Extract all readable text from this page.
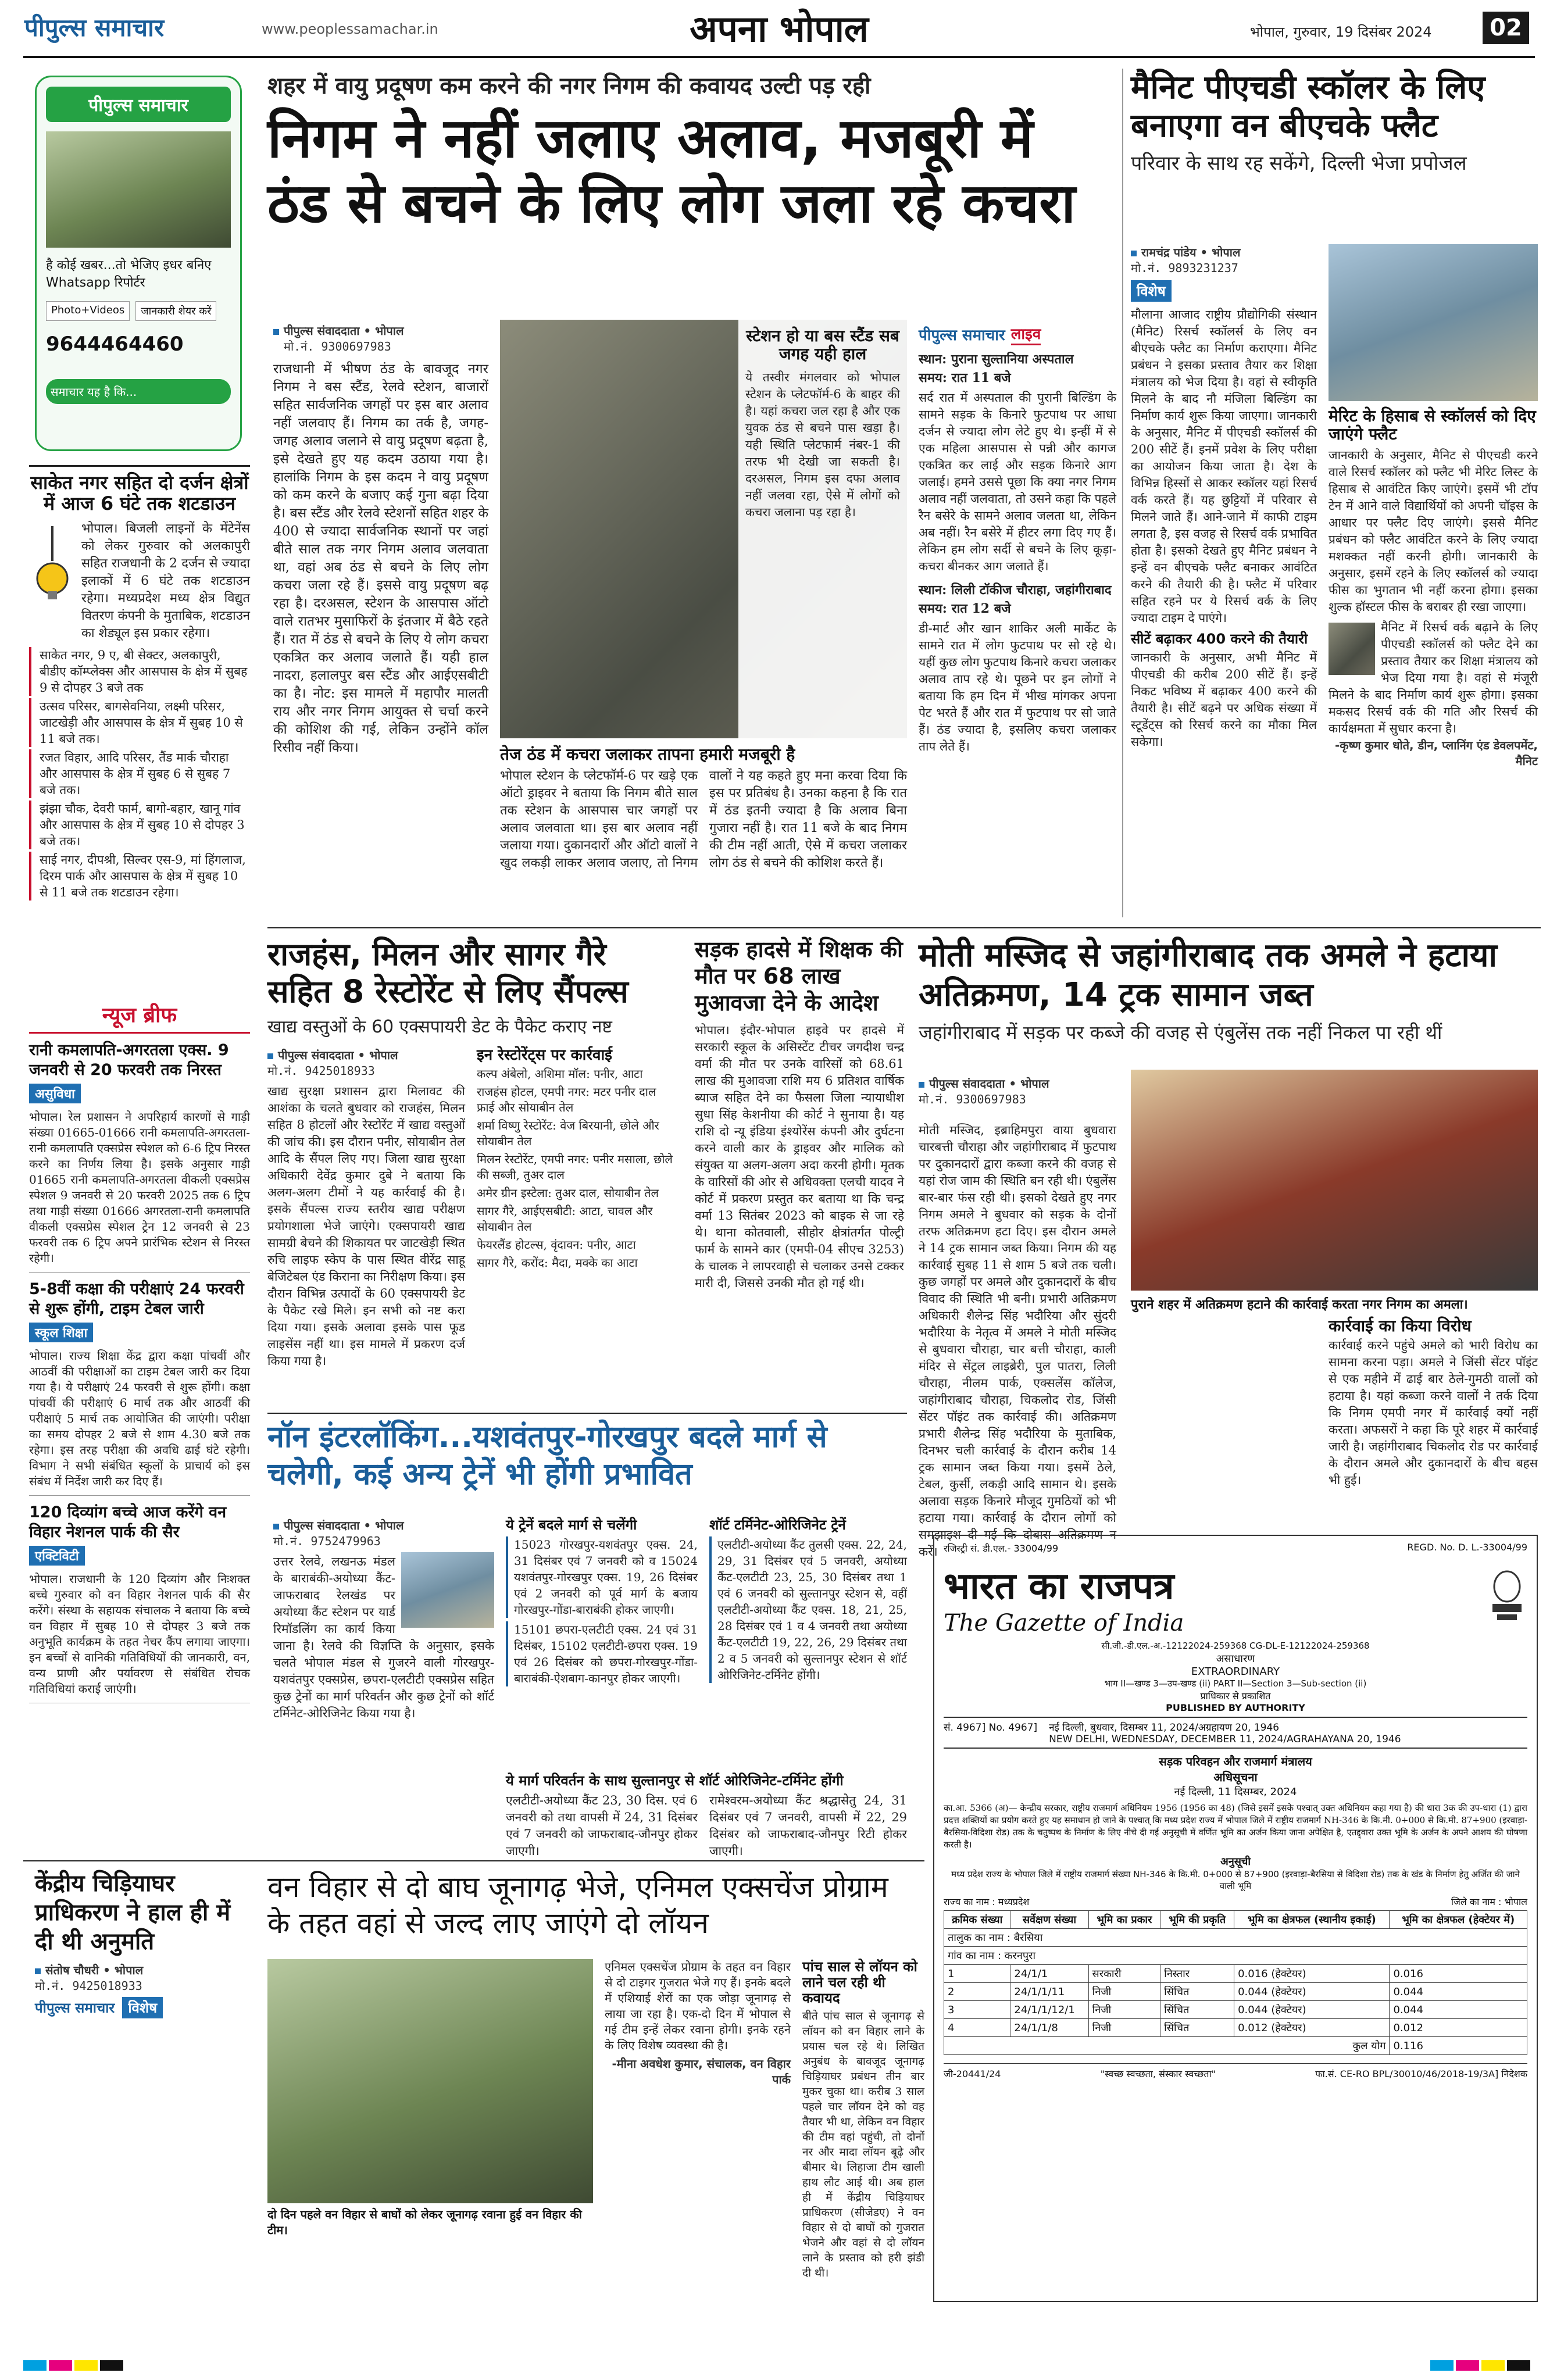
पीपुल्स समाचार	www.peoplessamachar.in	अपना भोपाल	भोपाल, गुरुवार, 19 दिसंबर 2024	02
पीपुल्स समाचार
है कोई खबर...तो भेजिए इधर बनिए Whatsapp रिपोर्टर
Photo+Videos	जानकारी शेयर करें
9644464460
समाचार यह है कि...
साकेत नगर सहित दो दर्जन क्षेत्रों में आज 6 घंटे तक शटडाउन

भोपाल। बिजली लाइनों के मेंटेनेंस को लेकर गुरुवार को अलकापुरी सहित राजधानी के 2 दर्जन से ज्यादा इलाकों में 6 घंटे तक शटडाउन रहेगा। मध्यप्रदेश मध्य क्षेत्र विद्युत वितरण कंपनी के मुताबिक, शटडाउन का शेड्यूल इस प्रकार रहेगा।

साकेत नगर, 9 ए, बी सेक्टर, अलकापुरी, बीडीए कॉम्प्लेक्स और आसपास के क्षेत्र में सुबह 9 से दोपहर 3 बजे तक
उत्सव परिसर, बागसेवनिया, लक्ष्मी परिसर, जाटखेड़ी और आसपास के क्षेत्र में सुबह 10 से 11 बजे तक।
रजत विहार, आदि परिसर, तैंड मार्क चौराहा और आसपास के क्षेत्र में सुबह 6 से सुबह 7 बजे तक।
झंझा चौक, देवरी फार्म, बागो-बहार, खानू गांव और आसपास के क्षेत्र में सुबह 10 से दोपहर 3 बजे तक।
साई नगर, दीपश्री, सिल्वर एस-9, मां हिंगलाज, दिरम पार्क और आसपास के क्षेत्र में सुबह 10 से 11 बजे तक शटडाउन रहेगा।
न्यूज ब्रीफ
रानी कमलापति-अगरतला एक्स. 9 जनवरी से 20 फरवरी तक निरस्त
असुविधा

भोपाल। रेल प्रशासन ने अपरिहार्य कारणों से गाड़ी संख्या 01665-01666 रानी कमलापति-अगरतला-रानी कमलापति एक्सप्रेस स्पेशल को 6-6 ट्रिप निरस्त करने का निर्णय लिया है। इसके अनुसार गाड़ी 01665 रानी कमलापति-अगरतला वीकली एक्सप्रेस स्पेशल 9 जनवरी से 20 फरवरी 2025 तक 6 ट्रिप तथा गाड़ी संख्या 01666 अगरतला-रानी कमलापति वीकली एक्सप्रेस स्पेशल ट्रेन 12 जनवरी से 23 फरवरी तक 6 ट्रिप अपने प्रारंभिक स्टेशन से निरस्त रहेगी।

5-8वीं कक्षा की परीक्षाएं 24 फरवरी से शुरू होंगी, टाइम टेबल जारी
स्कूल शिक्षा

भोपाल। राज्य शिक्षा केंद्र द्वारा कक्षा पांचवीं और आठवीं की परीक्षाओं का टाइम टेबल जारी कर दिया गया है। ये परीक्षाएं 24 फरवरी से शुरू होंगी। कक्षा पांचवीं की परीक्षाएं 6 मार्च तक और आठवीं की परीक्षाएं 5 मार्च तक आयोजित की जाएंगी। परीक्षा का समय दोपहर 2 बजे से शाम 4.30 बजे तक रहेगा। इस तरह परीक्षा की अवधि ढाई घंटे रहेगी। विभाग ने सभी संबंधित स्कूलों के प्राचार्य को इस संबंध में निर्देश जारी कर दिए हैं।

120 दिव्यांग बच्चे आज करेंगे वन विहार नेशनल पार्क की सैर
एक्टिविटी

भोपाल। राजधानी के 120 दिव्यांग और निःशक्त बच्चे गुरुवार को वन विहार नेशनल पार्क की सैर करेंगे। संस्था के सहायक संचालक ने बताया कि बच्चे वन विहार में सुबह 10 से दोपहर 3 बजे तक अनुभूति कार्यक्रम के तहत नेचर कैंप लगाया जाएगा। इन बच्चों से वानिकी गतिविधियों की जानकारी, वन, वन्य प्राणी और पर्यावरण से संबंधित रोचक गतिविधियां कराई जाएंगी।

शहर में वायु प्रदूषण कम करने की नगर निगम की कवायद उल्टी पड़ रही
निगम ने नहीं जलाए अलाव, मजबूरी में ठंड से बचने के लिए लोग जला रहे कचरा
पीपुल्स संवाददाता • भोपाल
मो.नं. 9300697983

राजधानी में भीषण ठंड के बावजूद नगर निगम ने बस स्टैंड, रेलवे स्टेशन, बाजारों सहित सार्वजनिक जगहों पर इस बार अलाव नहीं जलवाए हैं। निगम का तर्क है, जगह-जगह अलाव जलाने से वायु प्रदूषण बढ़ता है, इसे देखते हुए यह कदम उठाया गया है। हालांकि निगम के इस कदम ने वायु प्रदूषण को कम करने के बजाए कई गुना बढ़ा दिया है। बस स्टैंड और रेलवे स्टेशनों सहित शहर के 400 से ज्यादा सार्वजनिक स्थानों पर जहां बीते साल तक नगर निगम अलाव जलवाता था, वहां अब ठंड से बचने के लिए लोग कचरा जला रहे हैं। इससे वायु प्रदूषण बढ़ रहा है। दरअसल, स्टेशन के आसपास ऑटो वाले रातभर मुसाफिरों के इंतजार में बैठे रहते हैं। रात में ठंड से बचने के लिए ये लोग कचरा एकत्रित कर अलाव जलाते हैं। यही हाल नादरा, हलालपुर बस स्टैंड और आईएसबीटी का है। नोट: इस मामले में महापौर मालती राय और नगर निगम आयुक्त से चर्चा करने की कोशिश की गई, लेकिन उन्होंने कॉल रिसीव नहीं किया।

स्टेशन हो या बस स्टैंड सब जगह यही हाल

ये तस्वीर मंगलवार को भोपाल स्टेशन के प्लेटफॉर्म-6 के बाहर की है। यहां कचरा जल रहा है और एक युवक ठंड से बचने पास खड़ा है। यही स्थिति प्लेटफार्म नंबर-1 की तरफ भी देखी जा सकती है। दरअसल, निगम इस दफा अलाव नहीं जलवा रहा, ऐसे में लोगों को कचरा जलाना पड़ रहा है।

तेज ठंड में कचरा जलाकर तापना हमारी मजबूरी है

भोपाल स्टेशन के प्लेटफॉर्म-6 पर खड़े एक ऑटो ड्राइवर ने बताया कि निगम बीते साल तक स्टेशन के आसपास चार जगहों पर अलाव जलवाता था। इस बार अलाव नहीं जलाया गया। दुकानदारों और ऑटो वालों ने खुद लकड़ी लाकर अलाव जलाए, तो निगम वालों ने यह कहते हुए मना करवा दिया कि इस पर प्रतिबंध है। उनका कहना है कि रात में ठंड इतनी ज्यादा है कि अलाव बिना गुजारा नहीं है। रात 11 बजे के बाद निगम की टीम नहीं आती, ऐसे में कचरा जलाकर लोग ठंड से बचने की कोशिश करते हैं।

पीपुल्स समाचार लाइव
स्थान: पुराना सुल्तानिया अस्पताल
समय: रात 11 बजे

सर्द रात में अस्पताल की पुरानी बिल्डिंग के सामने सड़क के किनारे फुटपाथ पर आधा दर्जन से ज्यादा लोग लेटे हुए थे। इन्हीं में से एक महिला आसपास से पन्नी और कागज एकत्रित कर लाई और सड़क किनारे आग जलाई। हमने उससे पूछा कि क्या नगर निगम अलाव नहीं जलवाता, तो उसने कहा कि पहले रैन बसेरे के सामने अलाव जलता था, लेकिन अब नहीं। रैन बसेरे में हीटर लगा दिए गए हैं। लेकिन हम लोग सर्दी से बचने के लिए कूड़ा-कचरा बीनकर आग जलाते हैं।

स्थान: लिली टॉकीज चौराहा, जहांगीराबाद
समय: रात 12 बजे

डी-मार्ट और खान शाकिर अली मार्केट के सामने रात में लोग फुटपाथ पर सो रहे थे। यहीं कुछ लोग फुटपाथ किनारे कचरा जलाकर अलाव ताप रहे थे। पूछने पर इन लोगों ने बताया कि हम दिन में भीख मांगकर अपना पेट भरते हैं और रात में फुटपाथ पर सो जाते हैं। ठंड ज्यादा है, इसलिए कचरा जलाकर ताप लेते हैं।

मैनिट पीएचडी स्कॉलर के लिए बनाएगा वन बीएचके फ्लैट
परिवार के साथ रह सकेंगे, दिल्ली भेजा प्रपोजल
रामचंद्र पांडेय • भोपाल
मो.नं. 9893231237
विशेष

मौलाना आजाद राष्ट्रीय प्रौद्योगिकी संस्थान (मैनिट) रिसर्च स्कॉलर्स के लिए वन बीएचके फ्लैट का निर्माण कराएगा। मैनिट प्रबंधन ने इसका प्रस्ताव तैयार कर शिक्षा मंत्रालय को भेज दिया है। वहां से स्वीकृति मिलने के बाद नौ मंजिला बिल्डिंग का निर्माण कार्य शुरू किया जाएगा। जानकारी के अनुसार, मैनिट में पीएचडी स्कॉलर्स की 200 सीटें हैं। इनमें प्रवेश के लिए परीक्षा का आयोजन किया जाता है। देश के विभिन्न हिस्सों से आकर स्कॉलर यहां रिसर्च वर्क करते हैं। यह छुट्टियों में परिवार से मिलने जाते हैं। आने-जाने में काफी टाइम लगता है, इस वजह से रिसर्च वर्क प्रभावित होता है। इसको देखते हुए मैनिट प्रबंधन ने इन्हें वन बीएचके फ्लैट बनाकर आवंटित करने की तैयारी की है। फ्लैट में परिवार सहित रहने पर ये रिसर्च वर्क के लिए ज्यादा टाइम दे पाएंगे।

सीटें बढ़ाकर 400 करने की तैयारी

जानकारी के अनुसार, अभी मैनिट में पीएचडी की करीब 200 सीटें हैं। इन्हें निकट भविष्य में बढ़ाकर 400 करने की तैयारी है। सीटें बढ़ने पर अधिक संख्या में स्टूडेंट्स को रिसर्च करने का मौका मिल सकेगा।

मेरिट के हिसाब से स्कॉलर्स को दिए जाएंगे फ्लैट

जानकारी के अनुसार, मैनिट से पीएचडी करने वाले रिसर्च स्कॉलर को फ्लैट भी मेरिट लिस्ट के हिसाब से आवंटित किए जाएंगे। इसमें भी टॉप टेन में आने वाले विद्यार्थियों को अपनी चॉइस के आधार पर फ्लैट दिए जाएंगे। इससे मैनिट प्रबंधन को फ्लैट आवंटित करने के लिए ज्यादा मशक्कत नहीं करनी होगी। जानकारी के अनुसार, इसमें रहने के लिए स्कॉलर्स को ज्यादा फीस का भुगतान भी नहीं करना होगा। इसका शुल्क हॉस्टल फीस के बराबर ही रखा जाएगा।

मैनिट में रिसर्च वर्क बढ़ाने के लिए पीएचडी स्कॉलर्स को फ्लैट देने का प्रस्ताव तैयार कर शिक्षा मंत्रालय को भेज दिया गया है। वहां से मंजूरी मिलने के बाद निर्माण कार्य शुरू होगा। इसका मकसद रिसर्च वर्क की गति और रिसर्च की कार्यक्षमता में सुधार करना है।

-कृष्ण कुमार धोते, डीन, प्लानिंग एंड डेवलपमेंट, मैनिट
राजहंस, मिलन और सागर गैरे सहित 8 रेस्टोरेंट से लिए सैंपल्स
खाद्य वस्तुओं के 60 एक्सपायरी डेट के पैकेट कराए नष्ट
पीपुल्स संवाददाता • भोपाल
मो.नं. 9425018933

खाद्य सुरक्षा प्रशासन द्वारा मिलावट की आशंका के चलते बुधवार को राजहंस, मिलन सहित 8 होटलों और रेस्टोरेंट में खाद्य वस्तुओं की जांच की। इस दौरान पनीर, सोयाबीन तेल आदि के सैंपल लिए गए। जिला खाद्य सुरक्षा अधिकारी देवेंद्र कुमार दुबे ने बताया कि अलग-अलग टीमों ने यह कार्रवाई की है। इसके सैंपल्स राज्य स्तरीय खाद्य परीक्षण प्रयोगशाला भेजे जाएंगे। एक्सपायरी खाद्य सामग्री बेचने की शिकायत पर जाटखेड़ी स्थित रुचि लाइफ स्केप के पास स्थित वीरेंद्र साहू बेजिटेबल एंड किराना का निरीक्षण किया। इस दौरान विभिन्न उत्पादों के 60 एक्सपायरी डेट के पैकेट रखे मिले। इन सभी को नष्ट करा दिया गया। इसके अलावा इसके पास फूड लाइसेंस नहीं था। इस मामले में प्रकरण दर्ज किया गया है।

इन रेस्टोरेंट्स पर कार्रवाई
कल्प अंबेलो, अशिमा मॉल: पनीर, आटा
राजहंस होटल, एमपी नगर: मटर पनीर दाल फ्राई और सोयाबीन तेल
शर्मा विष्णु रेस्टोरेंट: वेज बिरयानी, छोले और सोयाबीन तेल
मिलन रेस्टोरेंट, एमपी नगर: पनीर मसाला, छोले की सब्जी, तुअर दाल
अमेर ग्रीन इस्टेला: तुअर दाल, सोयाबीन तेल
सागर गैरे, आईएसबीटी: आटा, चावल और सोयाबीन तेल
फेयरलैंड होटल्स, वृंदावन: पनीर, आटा
सागर गैरे, करोंद: मैदा, मक्के का आटा
सड़क हादसे में शिक्षक की मौत पर 68 लाख मुआवजा देने के आदेश

भोपाल। इंदौर-भोपाल हाइवे पर हादसे में सरकारी स्कूल के असिस्टेंट टीचर जगदीश चन्द्र वर्मा की मौत पर उनके वारिसों को 68.61 लाख की मुआवजा राशि मय 6 प्रतिशत वार्षिक ब्याज सहित देने का फैसला जिला न्यायाधीश सुधा सिंह केशनीया की कोर्ट ने सुनाया है। यह राशि दो न्यू इंडिया इंश्योरेंस कंपनी और दुर्घटना करने वाली कार के ड्राइवर और मालिक को संयुक्त या अलग-अलग अदा करनी होगी। मृतक के वारिसों की ओर से अधिवक्ता एलची यादव ने कोर्ट में प्रकरण प्रस्तुत कर बताया था कि चन्द्र वर्मा 13 सितंबर 2023 को बाइक से जा रहे थे। थाना कोतवाली, सीहोर क्षेत्रांतर्गत पोल्ट्री फार्म के सामने कार (एमपी-04 सीएच 3253) के चालक ने लापरवाही से चलाकर उनसे टक्कर मारी दी, जिससे उनकी मौत हो गई थी।

मोती मस्जिद से जहांगीराबाद तक अमले ने हटाया अतिक्रमण, 14 ट्रक सामान जब्त
जहांगीराबाद में सड़क पर कब्जे की वजह से एंबुलेंस तक नहीं निकल पा रही थीं
पीपुल्स संवाददाता • भोपाल
मो.नं. 9300697983
पुराने शहर में अतिक्रमण हटाने की कार्रवाई करता नगर निगम का अमला।

मोती मस्जिद, इब्राहिमपुरा वाया बुधवारा चारबत्ती चौराहा और जहांगीराबाद में फुटपाथ पर दुकानदारों द्वारा कब्जा करने की वजह से यहां रोज जाम की स्थिति बन रही थी। एंबुलेंस बार-बार फंस रही थी। इसको देखते हुए नगर निगम अमले ने बुधवार को सड़क के दोनों तरफ अतिक्रमण हटा दिए। इस दौरान अमले ने 14 ट्रक सामान जब्त किया। निगम की यह कार्रवाई सुबह 11 से शाम 5 बजे तक चली। कुछ जगहों पर अमले और दुकानदारों के बीच विवाद की स्थिति भी बनी। प्रभारी अतिक्रमण अधिकारी शैलेन्द्र सिंह भदौरिया और सुंदरी भदौरिया के नेतृत्व में अमले ने मोती मस्जिद से बुधवारा चौराहा, चार बत्ती चौराहा, काली मंदिर से सेंट्रल लाइब्रेरी, पुल पातरा, लिली चौराहा, नीलम पार्क, एक्सलेंस कॉलेज, जहांगीराबाद चौराहा, चिकलोद रोड, जिंसी सेंटर पॉइंट तक कार्रवाई की। अतिक्रमण प्रभारी शैलेन्द्र सिंह भदौरिया के मुताबिक, दिनभर चली कार्रवाई के दौरान करीब 14 ट्रक सामान जब्त किया गया। इसमें ठेले, टेबल, कुर्सी, लकड़ी आदि सामान थे। इसके अलावा सड़क किनारे मौजूद गुमठियों को भी हटाया गया। कार्रवाई के दौरान लोगों को समझाइश दी गई कि दोबारा अतिक्रमण न करें।

कार्रवाई का किया विरोध

कार्रवाई करने पहुंचे अमले को भारी विरोध का सामना करना पड़ा। अमले ने जिंसी सेंटर पॉइंट से एक महीने में ढाई बार ठेले-गुमठी वालों को हटाया है। यहां कब्जा करने वालों ने तर्क दिया कि निगम एमपी नगर में कार्रवाई क्यों नहीं करता। अफसरों ने कहा कि पूरे शहर में कार्रवाई जारी है। जहांगीराबाद चिकलोद रोड पर कार्रवाई के दौरान अमले और दुकानदारों के बीच बहस भी हुई।

नॉन इंटरलॉकिंग...यशवंतपुर-गोरखपुर बदले मार्ग से चलेगी, कई अन्य ट्रेनें भी होंगी प्रभावित
पीपुल्स संवाददाता • भोपाल
मो.नं. 9752479963

उत्तर रेलवे, लखनऊ मंडल के बाराबंकी-अयोध्या कैंट-जाफराबाद रेलखंड पर अयोध्या कैंट स्टेशन पर यार्ड रिमॉडलिंग का कार्य किया जाना है। रेलवे की विज्ञप्ति के अनुसार, इसके चलते भोपाल मंडल से गुजरने वाली गोरखपुर-यशवंतपुर एक्सप्रेस, छपरा-एलटीटी एक्सप्रेस सहित कुछ ट्रेनों का मार्ग परिवर्तन और कुछ ट्रेनों को शॉर्ट टर्मिनेट-ओरिजिनेट किया गया है।

ये ट्रेनें बदले मार्ग से चलेंगी

15023 गोरखपुर-यशवंतपुर एक्स. 24, 31 दिसंबर एवं 7 जनवरी को व 15024 यशवंतपुर-गोरखपुर एक्स. 19, 26 दिसंबर एवं 2 जनवरी को पूर्व मार्ग के बजाय गोरखपुर-गोंडा-बाराबंकी होकर जाएगी।

15101 छपरा-एलटीटी एक्स. 24 एवं 31 दिसंबर, 15102 एलटीटी-छपरा एक्स. 19 एवं 26 दिसंबर को छपरा-गोरखपुर-गोंडा-बाराबंकी-ऐशबाग-कानपुर होकर जाएगी।

शॉर्ट टर्मिनेट-ओरिजिनेट ट्रेनें

एलटीटी-अयोध्या कैंट तुलसी एक्स. 22, 24, 29, 31 दिसंबर एवं 5 जनवरी, अयोध्या कैंट-एलटीटी 23, 25, 30 दिसंबर तथा 1 एवं 6 जनवरी को सुल्तानपुर स्टेशन से, वहीं एलटीटी-अयोध्या कैंट एक्स. 18, 21, 25, 28 दिसंबर एवं 1 व 4 जनवरी तथा अयोध्या कैंट-एलटीटी 19, 22, 26, 29 दिसंबर तथा 2 व 5 जनवरी को सुल्तानपुर स्टेशन से शॉर्ट ओरिजिनेट-टर्मिनेट होंगी।

ये मार्ग परिवर्तन के साथ सुल्तानपुर से शॉर्ट ओरिजिनेट-टर्मिनेट होंगी

एलटीटी-अयोध्या कैंट 23, 30 दिस. एवं 6 जनवरी को तथा वापसी में 24, 31 दिसंबर एवं 7 जनवरी को जाफराबाद-जौनपुर होकर जाएगी।

रामेश्वरम-अयोध्या कैंट श्रद्धासेतु 24, 31 दिसंबर एवं 7 जनवरी, वापसी में 22, 29 दिसंबर को जाफराबाद-जौनपुर रिटी होकर जाएगी।

रजिस्ट्री सं. डी.एल.- 33004/99	REGD. No. D. L.-33004/99
भारत का राजपत्र
The Gazette of India
सी.जी.-डी.एल.-अ.-12122024-259368 CG-DL-E-12122024-259368
असाधारण
EXTRAORDINARY
भाग II—खण्ड 3—उप-खण्ड (ii) PART II—Section 3—Sub-section (ii)
प्राधिकार से प्रकाशित
PUBLISHED BY AUTHORITY
सं. 4967] No. 4967] नई दिल्ली, बुधवार, दिसम्बर 11, 2024/अग्रहायण 20, 1946
NEW DELHI, WEDNESDAY, DECEMBER 11, 2024/AGRAHAYANA 20, 1946
सड़क परिवहन और राजमार्ग मंत्रालय
अधिसूचना
नई दिल्ली, 11 दिसम्बर, 2024

का.आ. 5366 (अ)— केन्द्रीय सरकार, राष्ट्रीय राजमार्ग अधिनियम 1956 (1956 का 48) (जिसे इसमें इसके पश्चात् उक्त अधिनियम कहा गया है) की धारा 3क की उप-धारा (1) द्वारा प्रदत्त शक्तियों का प्रयोग करते हुए यह समाधान हो जाने के पश्चात् कि मध्य प्रदेश राज्य में भोपाल जिले में राष्ट्रीय राजमार्ग NH-346 के कि.मी. 0+000 से कि.मी. 87+900 (इरवाड़ा-बैरसिया-विदिशा रोड) तक के चतुष्पथ के निर्माण के लिए नीचे दी गई अनुसूची में वर्णित भूमि का अर्जन किया जाना अपेक्षित है, एतद्द्वारा उक्त भूमि के अर्जन के अपने आशय की घोषणा करती है।

अनुसूची
मध्य प्रदेश राज्य के भोपाल जिले में राष्ट्रीय राजमार्ग संख्या NH-346 के कि.मी. 0+000 से 87+900 (इरवाड़ा-बैरसिया से विदिशा रोड) तक के खंड के निर्माण हेतु अर्जित की जाने वाली भूमि
राज्य का नाम : मध्यप्रदेश	जिले का नाम : भोपाल
क्रमिक संख्या	सर्वेक्षण संख्या	भूमि का प्रकार	भूमि की प्रकृति	भूमि का क्षेत्रफल (स्थानीय इकाई)	भूमि का क्षेत्रफल (हेक्टेयर में)
तालुक का नाम : बैरसिया					
गांव का नाम : करनपुरा					
1	24/1/1	सरकारी	निस्तार	0.016 (हेक्टेयर)	0.016
2	24/1/1/11	निजी	सिंचित	0.044 (हेक्टेयर)	0.044
3	24/1/1/12/1	निजी	सिंचित	0.044 (हेक्टेयर)	0.044
4	24/1/1/8	निजी	सिंचित	0.012 (हेक्टेयर)	0.012
कुल योग					0.116
जी-20441/24	"स्वच्छ स्वच्छता, संस्कार स्वच्छता"	फा.सं. CE-RO BPL/30010/46/2018-19/3A] निदेशक
केंद्रीय चिड़ियाघर प्राधिकरण ने हाल ही में दी थी अनुमति
संतोष चौधरी • भोपाल
मो.नं. 9425018933
पीपुल्स समाचार विशेष
वन विहार से दो बाघ जूनागढ़ भेजे, एनिमल एक्सचेंज प्रोग्राम के तहत वहां से जल्द लाए जाएंगे दो लॉयन
दो दिन पहले वन विहार से बाघों को लेकर जूनागढ़ रवाना हुई वन विहार की टीम।

एनिमल एक्सचेंज प्रोग्राम के तहत वन विहार से दो टाइगर गुजरात भेजे गए हैं। इनके बदले में एशियाई शेरों का एक जोड़ा जूनागढ़ से लाया जा रहा है। एक-दो दिन में भोपाल से गई टीम इन्हें लेकर रवाना होगी। इनके रहने के लिए विशेष व्यवस्था की है।

-मीना अवधेश कुमार, संचालक, वन विहार पार्क
पांच साल से लॉयन को लाने चल रही थी कवायद

बीते पांच साल से जूनागढ़ से लॉयन को वन विहार लाने के प्रयास चल रहे थे। लिखित अनुबंध के बावजूद जूनागढ़ चिड़ियाघर प्रबंधन तीन बार मुकर चुका था। करीब 3 साल पहले चार लॉयन देने को वह तैयार भी था, लेकिन वन विहार की टीम वहां पहुंची, तो दोनों नर और मादा लॉयन बूढ़े और बीमार थे। लिहाजा टीम खाली हाथ लौट आई थी। अब हाल ही में केंद्रीय चिड़ियाघर प्राधिकरण (सीजेडए) ने वन विहार से दो बाघों को गुजरात भेजने और वहां से दो लॉयन लाने के प्रस्ताव को हरी झंडी दी थी।
